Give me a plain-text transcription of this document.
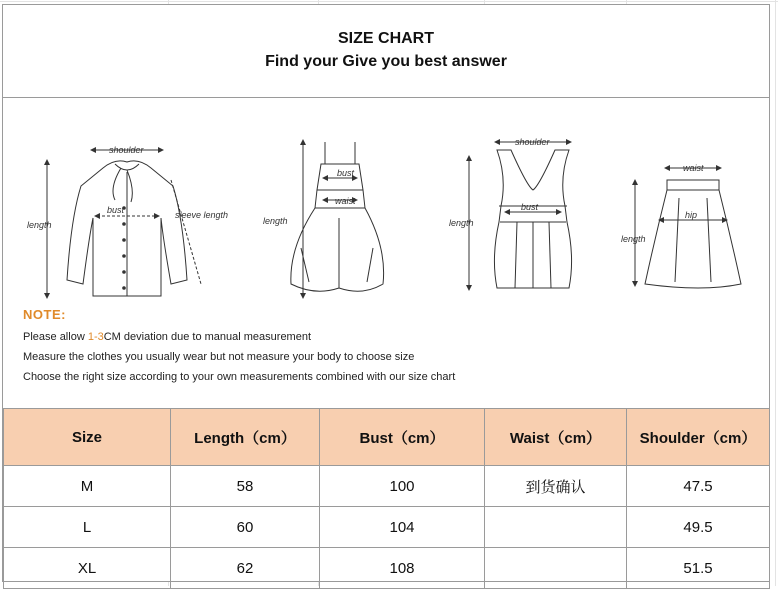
SIZE CHART
Find your Give you best answer
shoulder
bust
length
sleeve length
bust
waist
length
shoulder
bust
length
waist
hip
length
NOTE:
Please allow 1-3CM deviation due to manual measurement
Measure the clothes you usually wear but not measure your body to choose size
Choose the right size according to your own measurements combined with our size chart
Size	Length（cm）	Bust（cm）	Waist（cm）	Shoulder（cm）
M	58	100	到货确认	47.5
L	60	104		49.5
XL	62	108		51.5
